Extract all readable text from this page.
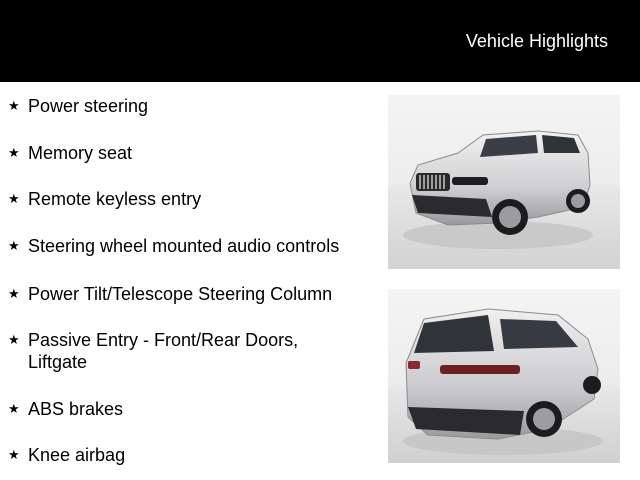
Vehicle Highlights
★ Power steering
★ Memory seat
★ Remote keyless entry
★ Steering wheel mounted audio controls
★ Power Tilt/Telescope Steering Column
★ Passive Entry - Front/Rear Doors, Liftgate
★ ABS brakes
★ Knee airbag
